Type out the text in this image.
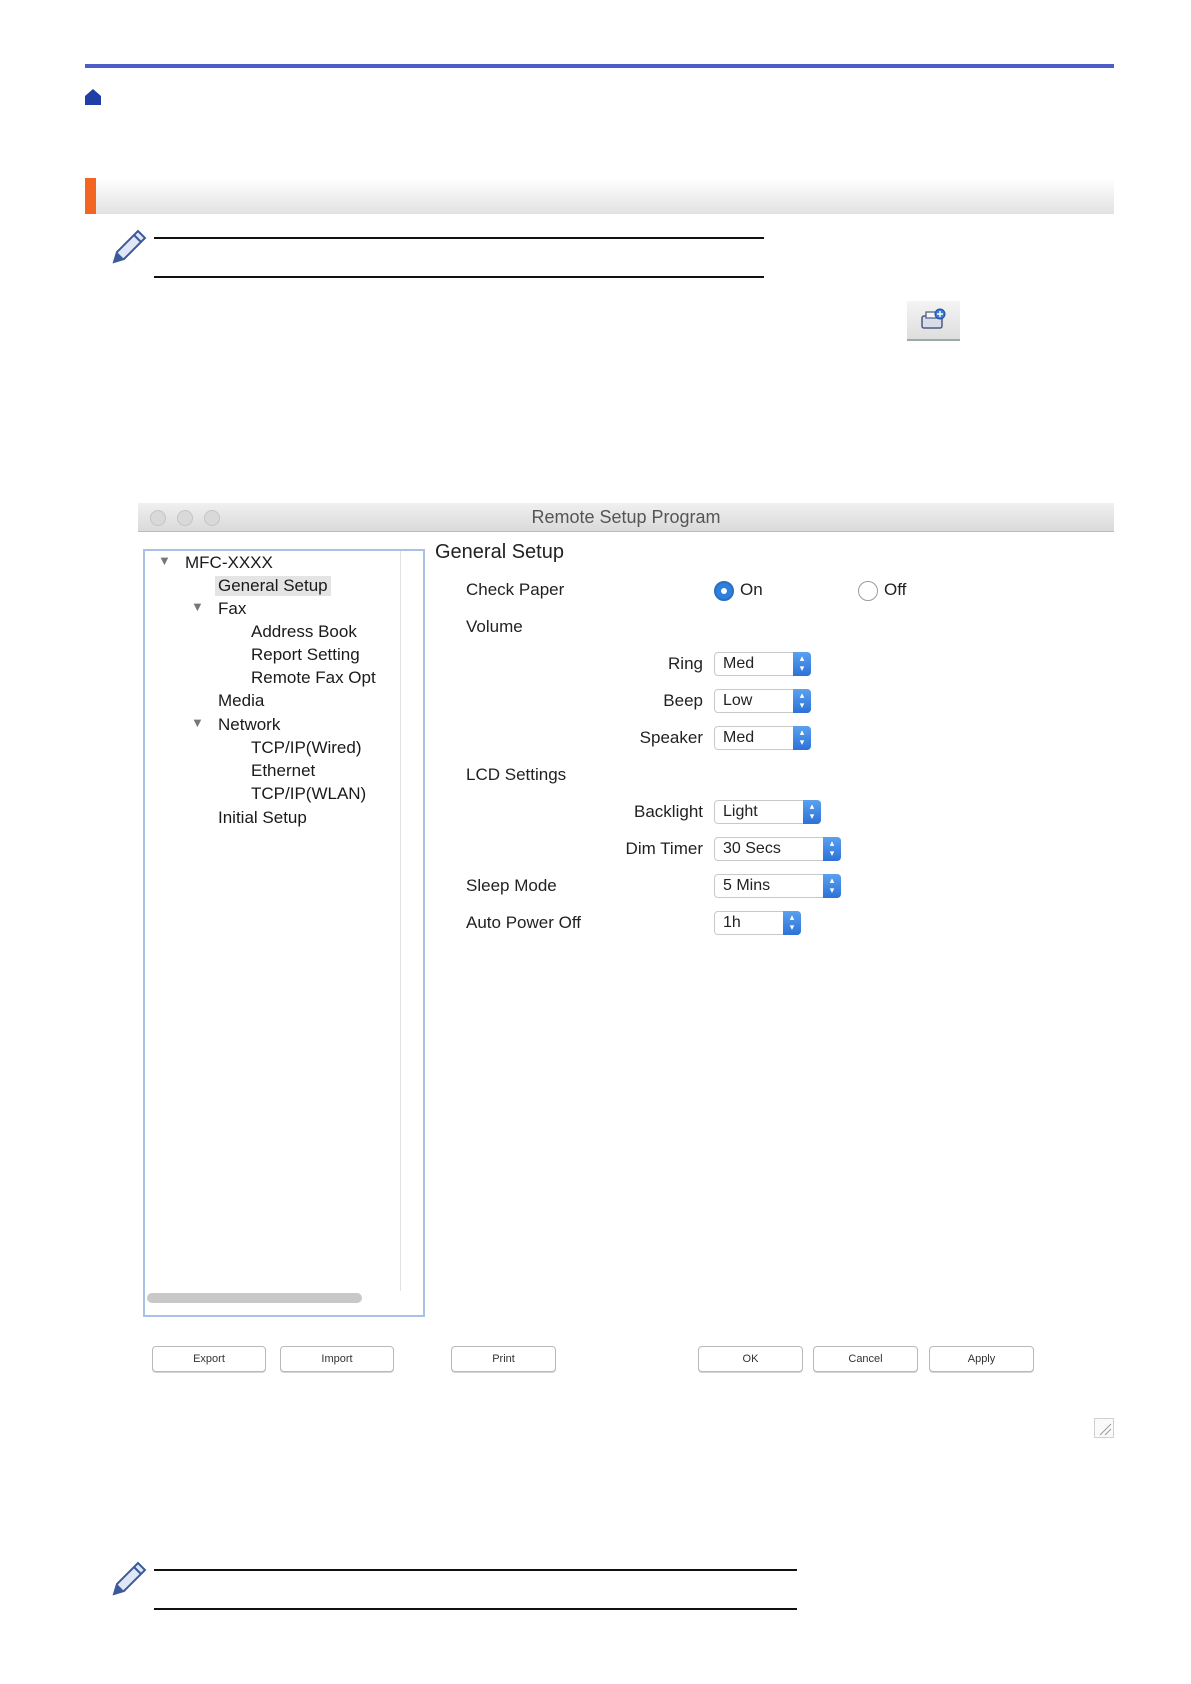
Remote Setup Program
▼ MFC-XXXX
General Setup
▼ Fax
Address Book
Report Setting
Remote Fax Opt
Media
▼ Network
TCP/IP(Wired)
Ethernet
TCP/IP(WLAN)
Initial Setup
General Setup
Check Paper	On	Off
Volume
Ring	Med
▴ ▾
Beep	Low
▴ ▾
Speaker	Med
▴ ▾
LCD Settings
Backlight	Light
▴ ▾
Dim Timer	30 Secs
▴ ▾
Sleep Mode	5 Mins
▴ ▾
Auto Power Off	1h
▴ ▾
Export	Import	Print	OK	Cancel	Apply
